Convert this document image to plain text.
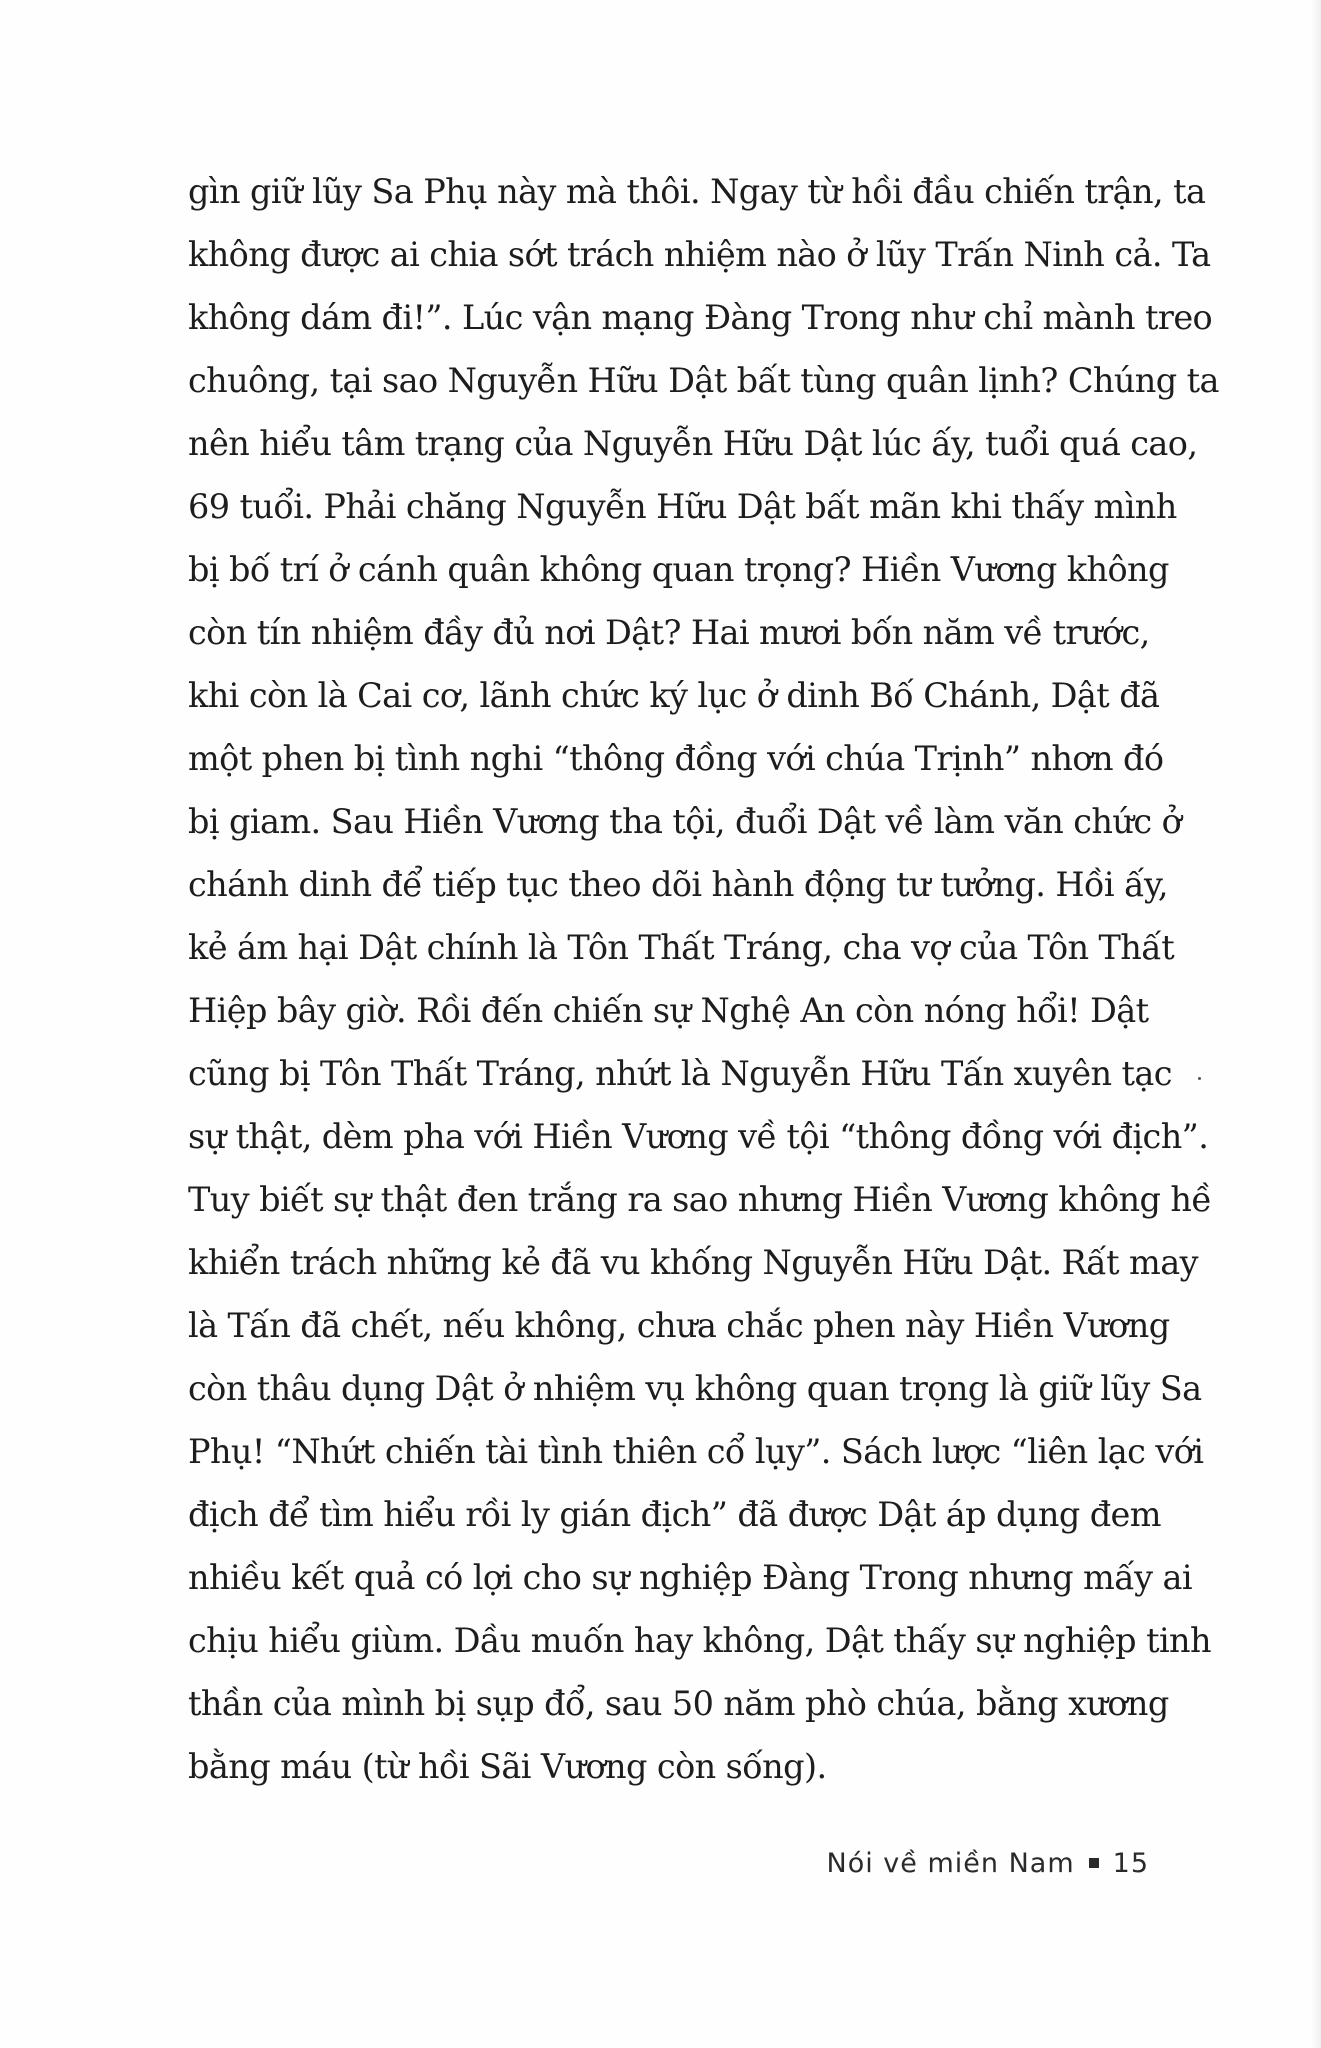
gìn giữ lũy Sa Phụ này mà thôi. Ngay từ hồi đầu chiến trận, ta
không được ai chia sớt trách nhiệm nào ở lũy Trấn Ninh cả. Ta
không dám đi!”. Lúc vận mạng Đàng Trong như chỉ mành treo
chuông, tại sao Nguyễn Hữu Dật bất tùng quân lịnh? Chúng ta
nên hiểu tâm trạng của Nguyễn Hữu Dật lúc ấy, tuổi quá cao,
69 tuổi. Phải chăng Nguyễn Hữu Dật bất mãn khi thấy mình
bị bố trí ở cánh quân không quan trọng? Hiền Vương không
còn tín nhiệm đầy đủ nơi Dật? Hai mươi bốn năm về trước,
khi còn là Cai cơ, lãnh chức ký lục ở dinh Bố Chánh, Dật đã
một phen bị tình nghi “thông đồng với chúa Trịnh” nhơn đó
bị giam. Sau Hiền Vương tha tội, đuổi Dật về làm văn chức ở
chánh dinh để tiếp tục theo dõi hành động tư tưởng. Hồi ấy,
kẻ ám hại Dật chính là Tôn Thất Tráng, cha vợ của Tôn Thất
Hiệp bây giờ. Rồi đến chiến sự Nghệ An còn nóng hổi! Dật
cũng bị Tôn Thất Tráng, nhứt là Nguyễn Hữu Tấn xuyên tạc
sự thật, dèm pha với Hiền Vương về tội “thông đồng với địch”.
Tuy biết sự thật đen trắng ra sao nhưng Hiền Vương không hề
khiển trách những kẻ đã vu khống Nguyễn Hữu Dật. Rất may
là Tấn đã chết, nếu không, chưa chắc phen này Hiền Vương
còn thâu dụng Dật ở nhiệm vụ không quan trọng là giữ lũy Sa
Phụ! “Nhứt chiến tài tình thiên cổ lụy”. Sách lược “liên lạc với
địch để tìm hiểu rồi ly gián địch” đã được Dật áp dụng đem
nhiều kết quả có lợi cho sự nghiệp Đàng Trong nhưng mấy ai
chịu hiểu giùm. Dầu muốn hay không, Dật thấy sự nghiệp tinh
thần của mình bị sụp đổ, sau 50 năm phò chúa, bằng xương
bằng máu (từ hồi Sãi Vương còn sống).
Nói về miền Nam 15
